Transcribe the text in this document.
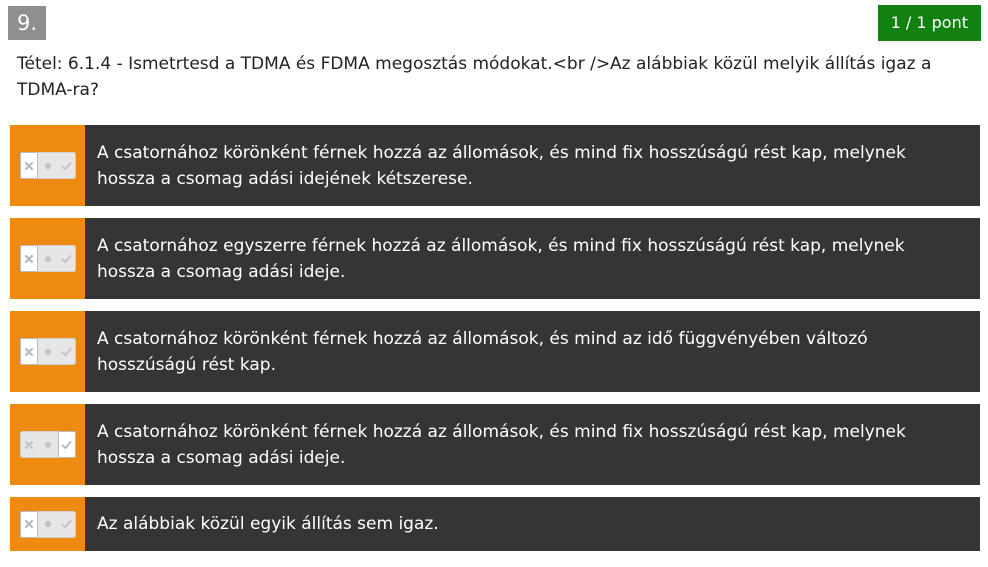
9.	1 / 1 pont
Tétel: 6.1.4 - Ismetrtesd a TDMA és FDMA megosztás módokat.<br />Az alábbiak közül melyik állítás igaz a TDMA-ra?
A csatornához körönként férnek hozzá az állomások, és mind fix hosszúságú rést kap, melynek hossza a csomag adási idejének kétszerese.
A csatornához egyszerre férnek hozzá az állomások, és mind fix hosszúságú rést kap, melynek hossza a csomag adási ideje.
A csatornához körönként férnek hozzá az állomások, és mind az idő függvényében változó hosszúságú rést kap.
A csatornához körönként férnek hozzá az állomások, és mind fix hosszúságú rést kap, melynek hossza a csomag adási ideje.
Az alábbiak közül egyik állítás sem igaz.
